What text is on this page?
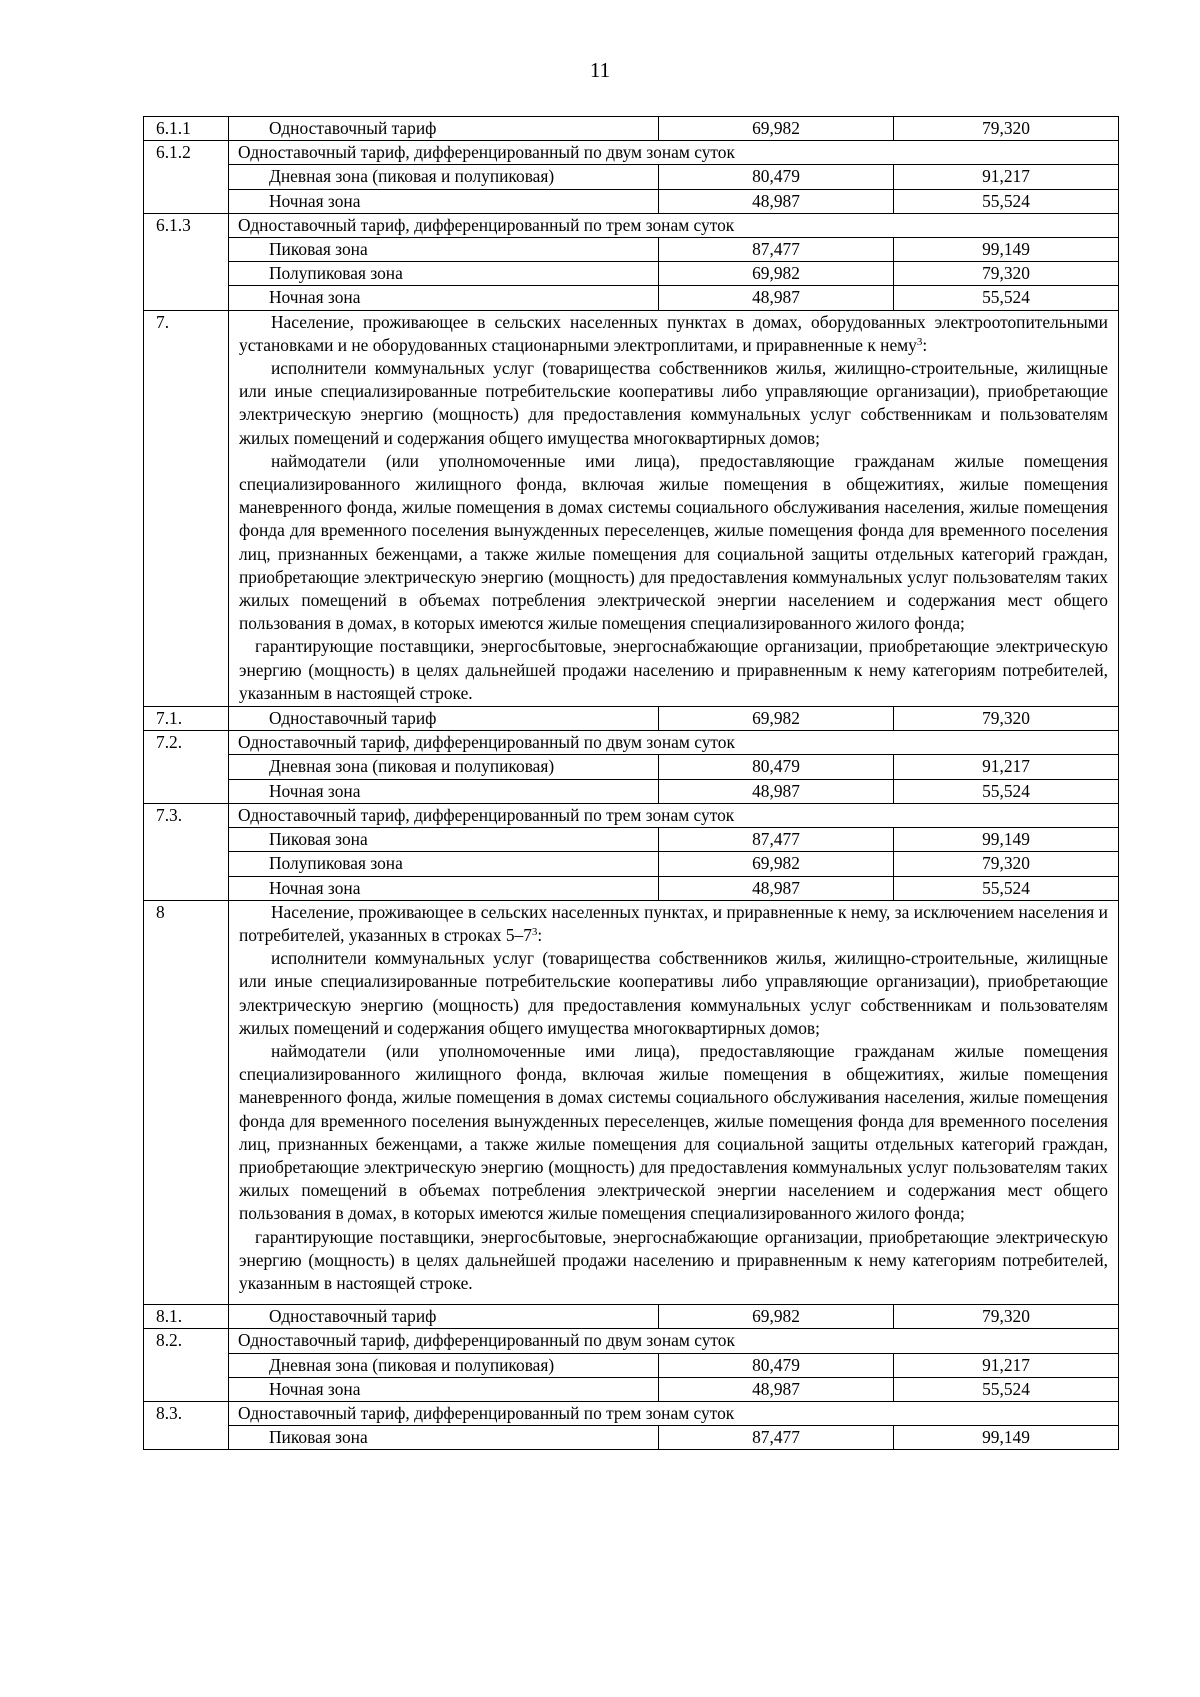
11
6.1.1	Одноставочный тариф	69,982	79,320
6.1.2	Одноставочный тариф, дифференцированный по двум зонам суток		
	Дневная зона (пиковая и полупиковая)	80,479	91,217
	Ночная зона	48,987	55,524
6.1.3	Одноставочный тариф, дифференцированный по трем зонам суток		
	Пиковая зона	87,477	99,149
	Полупиковая зона	69,982	79,320
	Ночная зона	48,987	55,524
7.	Население, проживающее в сельских населенных пунктах в домах, оборудованных электроотопительными установками и не оборудованных стационарными электроплитами, и приравненные к нему$^3$:

исполнители коммунальных услуг (товарищества собственников жилья, жилищно-строительные, жилищные или иные специализированные потребительские кооперативы либо управляющие организации), приобретающие электрическую энергию (мощность) для предоставления коммунальных услуг собственникам и пользователям жилых помещений и содержания общего имущества многоквартирных домов;

наймодатели (или уполномоченные ими лица), предоставляющие гражданам жилые помещения специализированного жилищного фонда, включая жилые помещения в общежитиях, жилые помещения маневренного фонда, жилые помещения в домах системы социального обслуживания населения, жилые помещения фонда для временного поселения вынужденных переселенцев, жилые помещения фонда для временного поселения лиц, признанных беженцами, а также жилые помещения для социальной защиты отдельных категорий граждан, приобретающие электрическую энергию (мощность) для предоставления коммунальных услуг пользователям таких жилых помещений в объемах потребления электрической энергии населением и содержания мест общего пользования в домах, в которых имеются жилые помещения специализированного жилого фонда;

гарантирующие поставщики, энергосбытовые, энергоснабжающие организации, приобретающие электрическую энергию (мощность) в целях дальнейшей продажи населению и приравненным к нему категориям потребителей, указанным в настоящей строке.		

7.1.	Одноставочный тариф	69,982	79,320
7.2.	Одноставочный тариф, дифференцированный по двум зонам суток		
	Дневная зона (пиковая и полупиковая)	80,479	91,217
	Ночная зона	48,987	55,524
7.3.	Одноставочный тариф, дифференцированный по трем зонам суток		
	Пиковая зона	87,477	99,149
	Полупиковая зона	69,982	79,320
	Ночная зона	48,987	55,524
8	Население, проживающее в сельских населенных пунктах, и приравненные к нему, за исключением населения и потребителей, указанных в строках $5-7^3$:

исполнители коммунальных услуг (товарищества собственников жилья, жилищно-строительные, жилищные или иные специализированные потребительские кооперативы либо управляющие организации), приобретающие электрическую энергию (мощность) для предоставления коммунальных услуг собственникам и пользователям жилых помещений и содержания общего имущества многоквартирных домов;

наймодатели (или уполномоченные ими лица), предоставляющие гражданам жилые помещения специализированного жилищного фонда, включая жилые помещения в общежитиях, жилые помещения маневренного фонда, жилые помещения в домах системы социального обслуживания населения, жилые помещения фонда для временного поселения вынужденных переселенцев, жилые помещения фонда для временного поселения лиц, признанных беженцами, а также жилые помещения для социальной защиты отдельных категорий граждан, приобретающие электрическую энергию (мощность) для предоставления коммунальных услуг пользователям таких жилых помещений в объемах потребления электрической энергии населением и содержания мест общего пользования в домах, в которых имеются жилые помещения специализированного жилого фонда;

гарантирующие поставщики, энергосбытовые, энергоснабжающие организации, приобретающие электрическую энергию (мощность) в целях дальнейшей продажи населению и приравненным к нему категориям потребителей, указанным в настоящей строке.		

8.1.	Одноставочный тариф	69,982	79,320
8.2.	Одноставочный тариф, дифференцированный по двум зонам суток		
	Дневная зона (пиковая и полупиковая)	80,479	91,217
	Ночная зона	48,987	55,524
8.3.	Одноставочный тариф, дифференцированный по трем зонам суток		
	Пиковая зона	87,477	99,149
